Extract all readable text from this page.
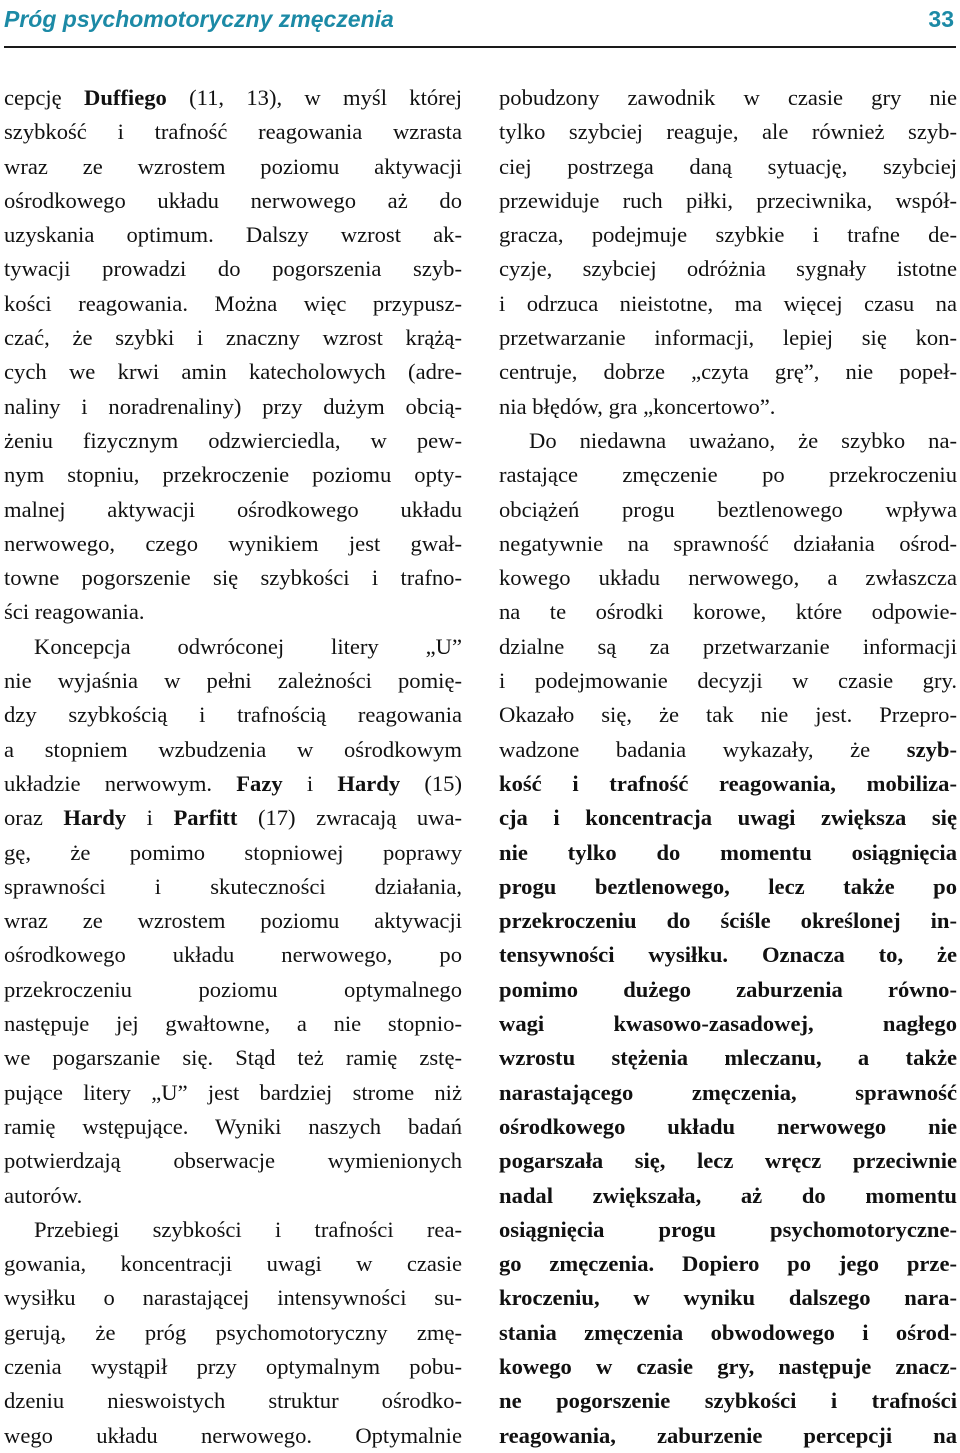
Próg psychomotoryczny zmęczenia	33
cepcję Duffiego (11, 13), w myśl której
szybkość i trafność reagowania wzrasta
wraz ze wzrostem poziomu aktywacji
ośrodkowego układu nerwowego aż do
uzyskania optimum. Dalszy wzrost ak-
tywacji prowadzi do pogorszenia szyb-
kości reagowania. Można więc przypusz-
czać, że szybki i znaczny wzrost krążą-
cych we krwi amin katecholowych (adre-
naliny i noradrenaliny) przy dużym obcią-
żeniu fizycznym odzwierciedla, w pew-
nym stopniu, przekroczenie poziomu opty-
malnej aktywacji ośrodkowego układu
nerwowego, czego wynikiem jest gwał-
towne pogorszenie się szybkości i trafno-
ści reagowania.
Koncepcja odwróconej litery „U”
nie wyjaśnia w pełni zależności pomię-
dzy szybkością i trafnością reagowania
a stopniem wzbudzenia w ośrodkowym
układzie nerwowym. Fazy i Hardy (15)
oraz Hardy i Parfitt (17) zwracają uwa-
gę, że pomimo stopniowej poprawy
sprawności i skuteczności działania,
wraz ze wzrostem poziomu aktywacji
ośrodkowego układu nerwowego, po
przekroczeniu poziomu optymalnego
następuje jej gwałtowne, a nie stopnio-
we pogarszanie się. Stąd też ramię zstę-
pujące litery „U” jest bardziej strome niż
ramię wstępujące. Wyniki naszych badań
potwierdzają obserwacje wymienionych
autorów.
Przebiegi szybkości i trafności rea-
gowania, koncentracji uwagi w czasie
wysiłku o narastającej intensywności su-
gerują, że próg psychomotoryczny zmę-
czenia wystąpił przy optymalnym pobu-
dzeniu nieswoistych struktur ośrodko-
wego układu nerwowego. Optymalnie
pobudzony zawodnik w czasie gry nie
tylko szybciej reaguje, ale również szyb-
ciej postrzega daną sytuację, szybciej
przewiduje ruch piłki, przeciwnika, współ-
gracza, podejmuje szybkie i trafne de-
cyzje, szybciej odróżnia sygnały istotne
i odrzuca nieistotne, ma więcej czasu na
przetwarzanie informacji, lepiej się kon-
centruje, dobrze „czyta grę”, nie popeł-
nia błędów, gra „koncertowo”.
Do niedawna uważano, że szybko na-
rastające zmęczenie po przekroczeniu
obciążeń progu beztlenowego wpływa
negatywnie na sprawność działania ośrod-
kowego układu nerwowego, a zwłaszcza
na te ośrodki korowe, które odpowie-
dzialne są za przetwarzanie informacji
i podejmowanie decyzji w czasie gry.
Okazało się, że tak nie jest. Przepro-
wadzone badania wykazały, że szyb-
kość i trafność reagowania, mobiliza-
cja i koncentracja uwagi zwiększa się
nie tylko do momentu osiągnięcia
progu beztlenowego, lecz także po
przekroczeniu do ściśle określonej in-
tensywności wysiłku. Oznacza to, że
pomimo dużego zaburzenia równo-
wagi kwasowo-zasadowej, nagłego
wzrostu stężenia mleczanu, a także
narastającego zmęczenia, sprawność
ośrodkowego układu nerwowego nie
pogarszała się, lecz wręcz przeciwnie
nadal zwiększała, aż do momentu
osiągnięcia progu psychomotoryczne-
go zmęczenia. Dopiero po jego prze-
kroczeniu, w wyniku dalszego nara-
stania zmęczenia obwodowego i ośrod-
kowego w czasie gry, następuje znacz-
ne pogorszenie szybkości i trafności
reagowania, zaburzenie percepcji na
